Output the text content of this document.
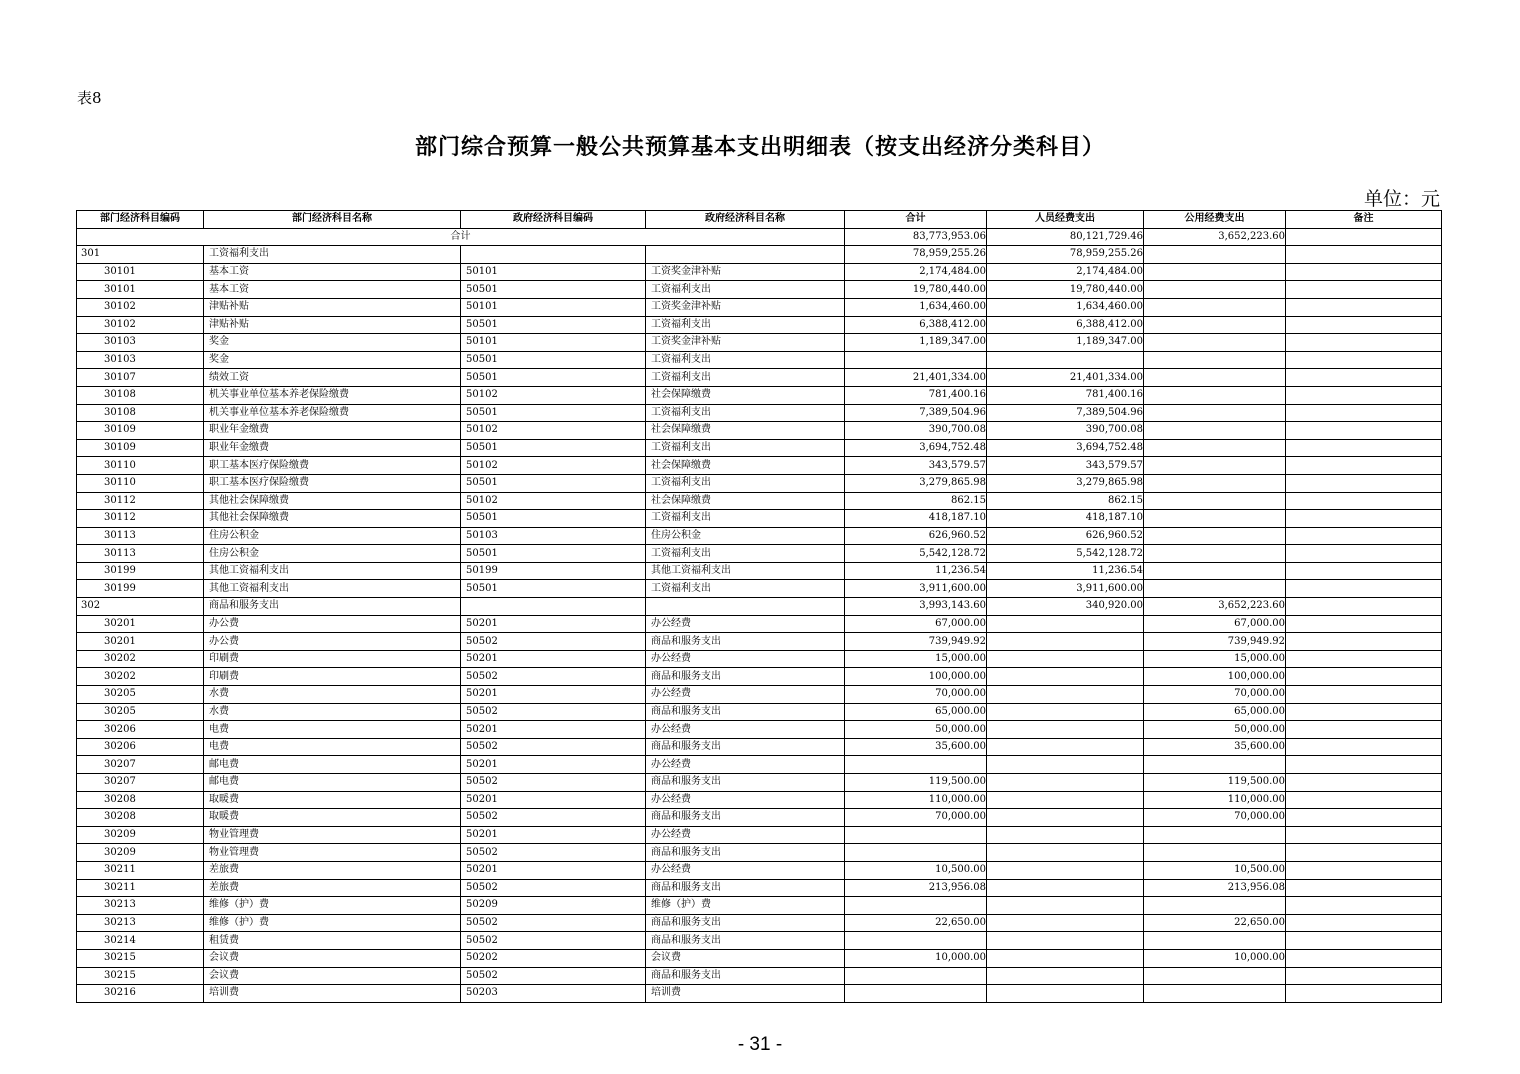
表8
部门综合预算一般公共预算基本支出明细表（按支出经济分类科目）
单位：元
部门经济科目编码	部门经济科目名称	政府经济科目编码	政府经济科目名称	合计	人员经费支出	公用经费支出	备注
合计				83,773,953.06	80,121,729.46	3,652,223.60	
301	工资福利支出			78,959,255.26	78,959,255.26		
30101	基本工资	50101	工资奖金津补贴	2,174,484.00	2,174,484.00		
30101	基本工资	50501	工资福利支出	19,780,440.00	19,780,440.00		
30102	津贴补贴	50101	工资奖金津补贴	1,634,460.00	1,634,460.00		
30102	津贴补贴	50501	工资福利支出	6,388,412.00	6,388,412.00		
30103	奖金	50101	工资奖金津补贴	1,189,347.00	1,189,347.00		
30103	奖金	50501	工资福利支出				
30107	绩效工资	50501	工资福利支出	21,401,334.00	21,401,334.00		
30108	机关事业单位基本养老保险缴费	50102	社会保障缴费	781,400.16	781,400.16		
30108	机关事业单位基本养老保险缴费	50501	工资福利支出	7,389,504.96	7,389,504.96		
30109	职业年金缴费	50102	社会保障缴费	390,700.08	390,700.08		
30109	职业年金缴费	50501	工资福利支出	3,694,752.48	3,694,752.48		
30110	职工基本医疗保险缴费	50102	社会保障缴费	343,579.57	343,579.57		
30110	职工基本医疗保险缴费	50501	工资福利支出	3,279,865.98	3,279,865.98		
30112	其他社会保障缴费	50102	社会保障缴费	862.15	862.15		
30112	其他社会保障缴费	50501	工资福利支出	418,187.10	418,187.10		
30113	住房公积金	50103	住房公积金	626,960.52	626,960.52		
30113	住房公积金	50501	工资福利支出	5,542,128.72	5,542,128.72		
30199	其他工资福利支出	50199	其他工资福利支出	11,236.54	11,236.54		
30199	其他工资福利支出	50501	工资福利支出	3,911,600.00	3,911,600.00		
302	商品和服务支出			3,993,143.60	340,920.00	3,652,223.60	
30201	办公费	50201	办公经费	67,000.00		67,000.00	
30201	办公费	50502	商品和服务支出	739,949.92		739,949.92	
30202	印刷费	50201	办公经费	15,000.00		15,000.00	
30202	印刷费	50502	商品和服务支出	100,000.00		100,000.00	
30205	水费	50201	办公经费	70,000.00		70,000.00	
30205	水费	50502	商品和服务支出	65,000.00		65,000.00	
30206	电费	50201	办公经费	50,000.00		50,000.00	
30206	电费	50502	商品和服务支出	35,600.00		35,600.00	
30207	邮电费	50201	办公经费				
30207	邮电费	50502	商品和服务支出	119,500.00		119,500.00	
30208	取暖费	50201	办公经费	110,000.00		110,000.00	
30208	取暖费	50502	商品和服务支出	70,000.00		70,000.00	
30209	物业管理费	50201	办公经费				
30209	物业管理费	50502	商品和服务支出				
30211	差旅费	50201	办公经费	10,500.00		10,500.00	
30211	差旅费	50502	商品和服务支出	213,956.08		213,956.08	
30213	维修（护）费	50209	维修（护）费				
30213	维修（护）费	50502	商品和服务支出	22,650.00		22,650.00	
30214	租赁费	50502	商品和服务支出				
30215	会议费	50202	会议费	10,000.00		10,000.00	
30215	会议费	50502	商品和服务支出				
30216	培训费	50203	培训费				
- 31 -
